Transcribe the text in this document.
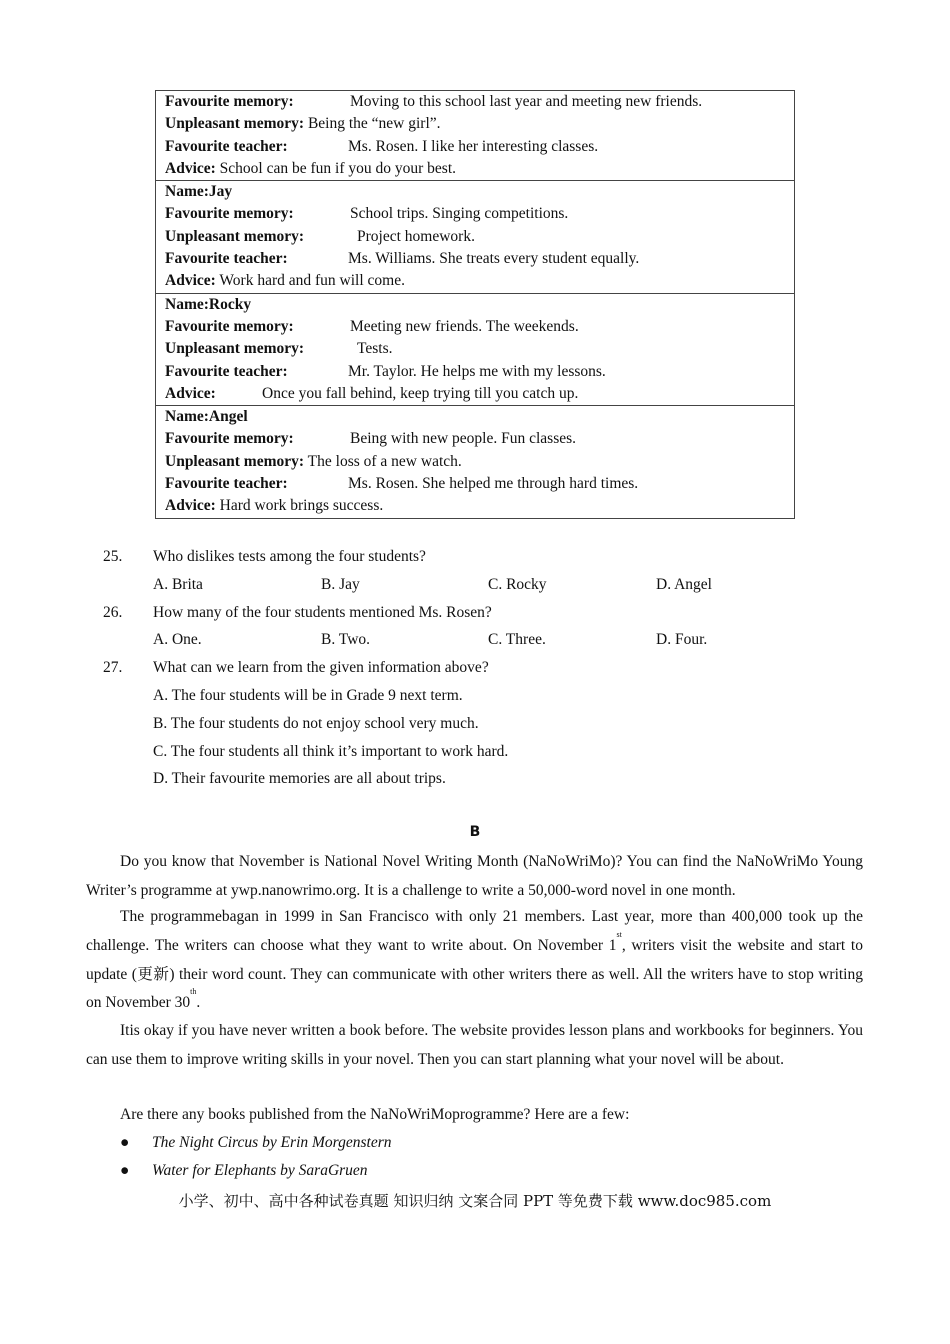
Favourite memory:	Moving to this school last year and meeting new friends.
Unpleasant memory: Being the “new girl”.
Favourite teacher:	Ms. Rosen. I like her interesting classes.
Advice: School can be fun if you do your best.
Name:Jay
Favourite memory:	School trips. Singing competitions.
Unpleasant memory:	Project homework.
Favourite teacher:	Ms. Williams. She treats every student equally.
Advice: Work hard and fun will come.
Name:Rocky
Favourite memory:	Meeting new friends. The weekends.
Unpleasant memory:	Tests.
Favourite teacher:	Mr. Taylor. He helps me with my lessons.
Advice:	Once you fall behind, keep trying till you catch up.
Name:Angel
Favourite memory:	Being with new people. Fun classes.
Unpleasant memory: The loss of a new watch.
Favourite teacher:	Ms. Rosen. She helped me through hard times.
Advice: Hard work brings success.
25. Who dislikes tests among the four students?
A. Brita	B. Jay	C. Rocky	D. Angel
26. How many of the four students mentioned Ms. Rosen?
A. One.	B. Two.	C. Three.	D. Four.
27. What can we learn from the given information above?
A. The four students will be in Grade 9 next term.
B. The four students do not enjoy school very much.
C. The four students all think it’s important to work hard.
D. Their favourite memories are all about trips.
B

Do you know that November is National Novel Writing Month (NaNoWriMo)? You can find the NaNoWriMo Young Writer’s programme at ywp.nanowrimo.org. It is a challenge to write a 50,000-word novel in one month.

The programmebagan in 1999 in San Francisco with only 21 members. Last year, more than 400,000 took up the challenge. The writers can choose what they want to write about. On November 1st, writers visit the website and start to update (更新) their word count. They can communicate with other writers there as well. All the writers have to stop writing on November 30th.

Itis okay if you have never written a book before. The website provides lesson plans and workbooks for beginners. You can use them to improve writing skills in your novel. Then you can start planning what your novel will be about.

Are there any books published from the NaNoWriMoprogramme? Here are a few:

● The Night Circus by Erin Morgenstern
● Water for Elephants by SaraGruen
小学、初中、高中各种试卷真题 知识归纳 文案合同 PPT 等免费下载 www.doc985.com
